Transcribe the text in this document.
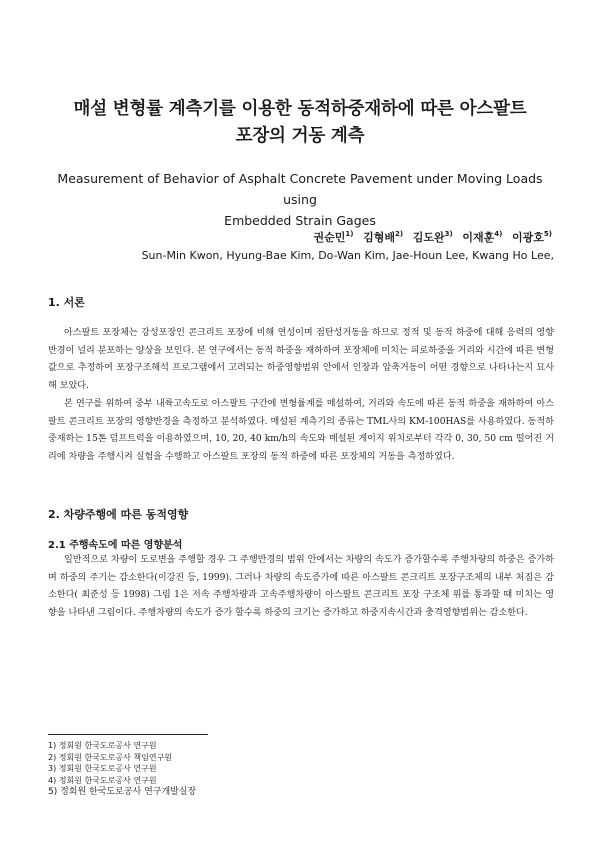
매설 변형률 계측기를 이용한 동적하중재하에 따른 아스팔트
포장의 거동 계측
Measurement of Behavior of Asphalt Concrete Pavement under Moving Loads using
Embedded Strain Gages
권순민$^{1)}$ 김형배$^{2)}$ 김도완$^{3)}$ 이재훈$^{4)}$ 이광호$^{5)}$
Sun-Min Kwon, Hyung-Bae Kim, Do-Wan Kim, Jae-Houn Lee, Kwang Ho Lee,
1. 서론

아스팔트 포장체는 강성포장인 콘크리트 포장에 비해 연성이며 점탄성거동을 하므로 정적 및 동적 하중에 대해 응력의 영향반경이 널리 분포하는 양상을 보인다. 본 연구에서는 동적 하중을 재하하여 포장체에 미치는 피로하중을 거리와 시간에 따른 변형값으로 추정하여 포장구조해석 프로그램에서 고려되는 하중영향범위 안에서 인장과 압축거동이 어떤 경향으로 나타나는지 묘사해 보았다.

본 연구를 위하여 중부 내륙고속도로 아스팔트 구간에 변형률계를 매설하여, 거리와 속도에 따른 동적 하중을 재하하여 아스팔트 콘크리트 포장의 영향반경을 측정하고 분석하였다. 매설된 계측기의 종류는 TML사의 KM-100HAS를 사용하였다. 동적하중재하는 15톤 덤프트럭을 이용하였으며, 10, 20, 40 km/h의 속도와 매설된 게이지 위치로부터 각각 0, 30, 50 cm 떨어진 거리에 차량을 주행시켜 실험을 수행하고 아스팔트 포장의 동적 하중에 따른 포장체의 거동을 측정하였다.

2. 차량주행에 따른 동적영향
2.1 주행속도에 따른 영향분석

일반적으로 차량이 도로변을 주행할 경우 그 주행반경의 범위 안에서는 차량의 속도가 증가할수록 주행차량의 하중은 증가하며 하중의 주기는 감소한다(이강진 등, 1999). 그러나 차량의 속도증가에 따른 아스팔트 콘크리트 포장구조체의 내부 처짐은 감소한다( 최준성 등 1998) 그림 1은 저속 주행차량과 고속주행차량이 아스팔트 콘크리트 포장 구조체 위를 통과할 때 미치는 영향을 나타낸 그림이다. 주행차량의 속도가 증가 할수록 하중의 크기는 증가하고 하중지속시간과 충격영향범위는 감소한다.

1) 정회원 한국도로공사 연구원
2) 정회원 한국도로공사 책임연구원
3) 정회원 한국도로공사 연구원
4) 정회원 한국도로공사 연구원
5) 정회원 한국도로공사 연구개발실장
